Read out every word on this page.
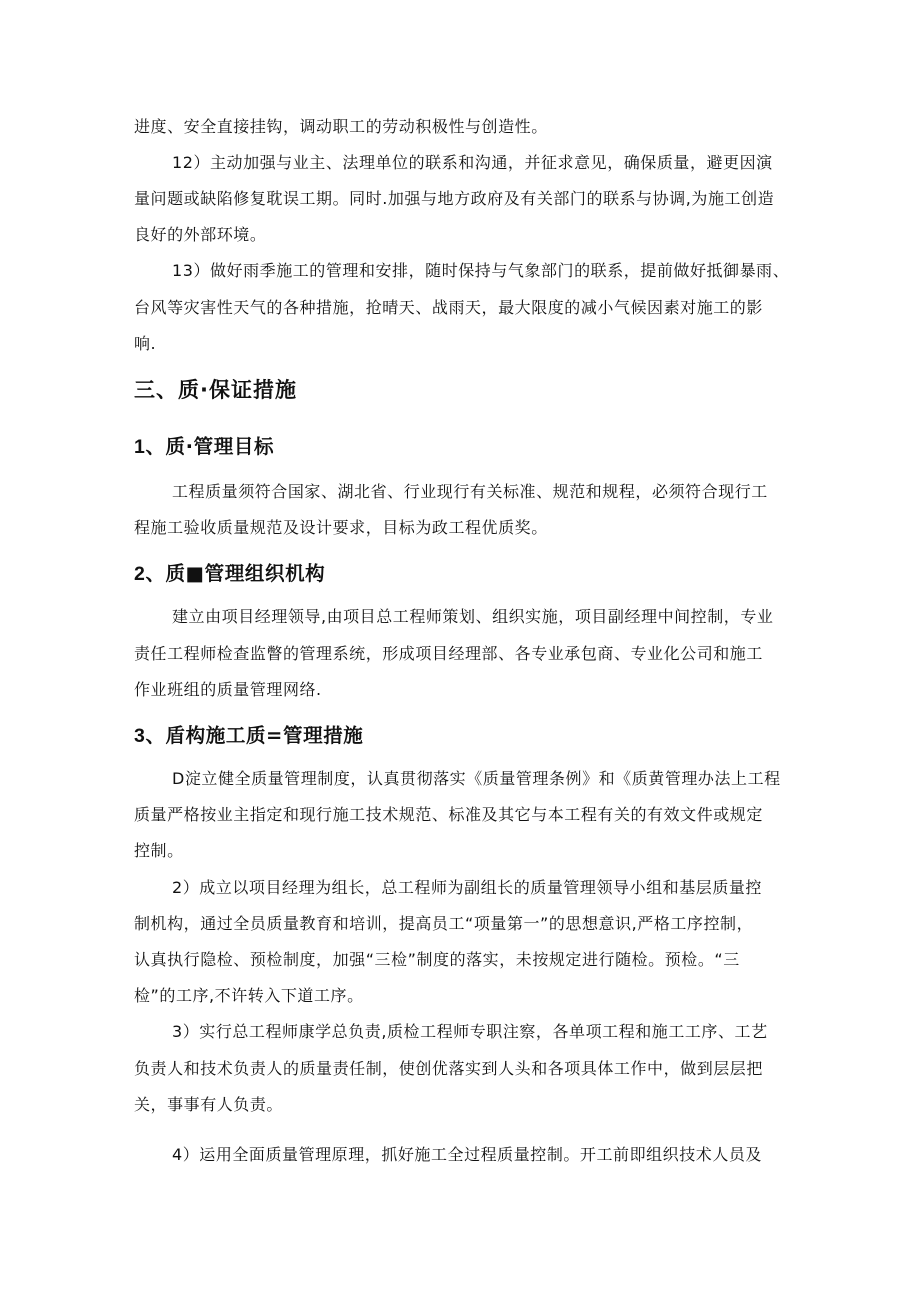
进度、安全直接挂钩，调动职工的劳动积极性与创造性。

12）主动加强与业主、法理单位的联系和沟通，并征求意见，确保质量，避更因演

量问题或缺陷修复耽误工期。同时.加强与地方政府及有关部门的联系与协调,为施工创造

良好的外部环境。

13）做好雨季施工的管理和安排，随时保持与气象部门的联系，提前做好抵御暴雨、

台风等灾害性天气的各种措施，抢晴天、战雨天，最大限度的减小气候因素对施工的影

响.

三、质·保证措施
1、质·管理目标

工程质量须符合国家、湖北省、行业现行有关标准、规范和规程，必须符合现行工

程施工验收质量规范及设计要求，目标为政工程优质奖。

2、质■管理组织机构

建立由项目经理领导,由项目总工程师策划、组织实施，项目副经理中间控制，专业

责任工程师检查监瞥的管理系统，形成项目经理部、各专业承包商、专业化公司和施工

作业班组的质量管理网络.

3、盾构施工质=管理措施

D淀立健全质量管理制度，认真贯彻落实《质量管理条例》和《质黄管理办法上工程

质量严格按业主指定和现行施工技术规范、标准及其它与本工程有关的有效文件或规定

控制。

2）成立以项目经理为组长，总工程师为副组长的质量管理领导小组和基层质量控

制机构，通过全员质量教育和培训，提高员工“项量第一”的思想意识,严格工序控制，

认真执行隐检、预检制度，加强“三检”制度的落实，未按规定进行随检。预检。“三

检”的工序,不许转入下道工序。

3）实行总工程师康学总负责,质检工程师专职注察，各单项工程和施工工序、工艺

负责人和技术负责人的质量责任制，使创优落实到人头和各项具体工作中，做到层层把

关，事事有人负责。

4）运用全面质量管理原理，抓好施工全过程质量控制。开工前即组织技术人员及
